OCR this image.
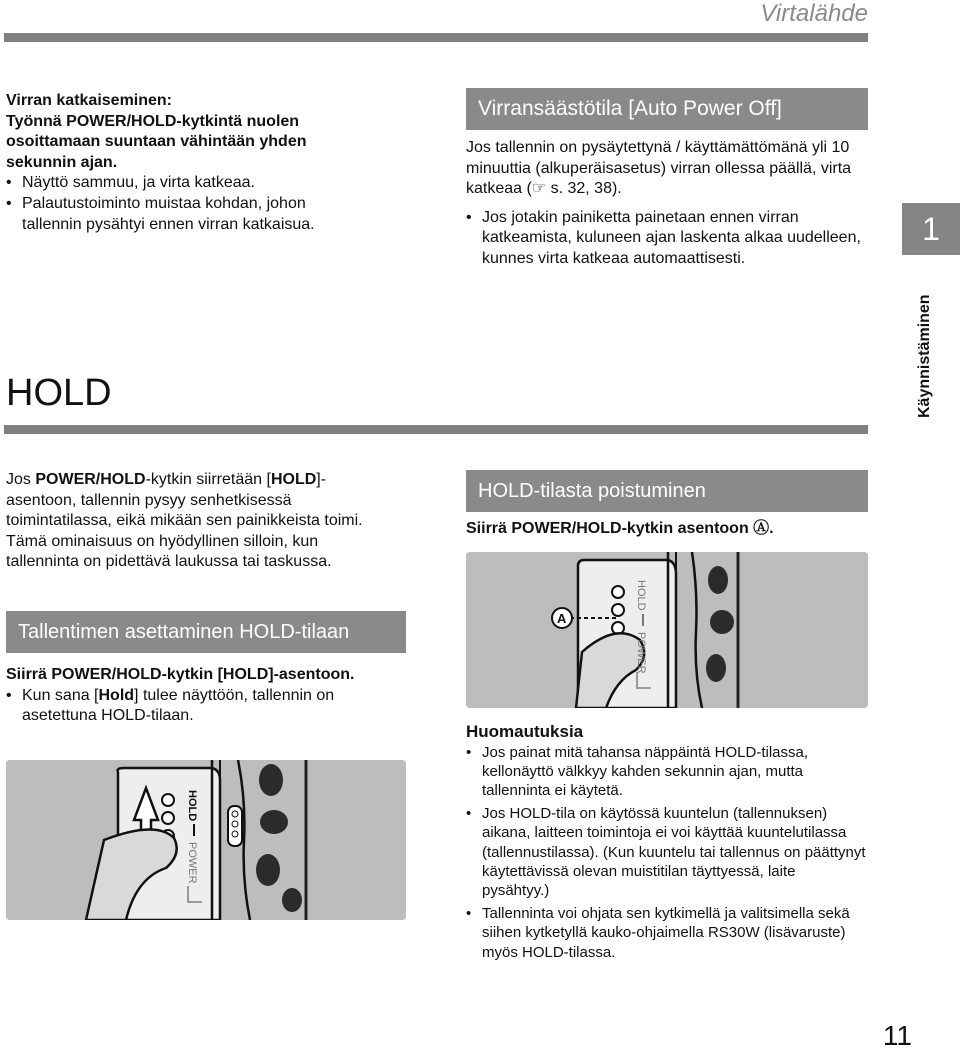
Virtalähde
1
Käynnistäminen

Virran katkaiseminen:

Työnnä POWER/HOLD-kytkintä nuolen osoittamaan suuntaan vähintään yhden sekunnin ajan.

• Näyttö sammuu, ja virta katkeaa.
• Palautustoiminto muistaa kohdan, johon tallennin pysähtyi ennen virran katkaisua.
Virransäästötila [Auto Power Off]

Jos tallennin on pysäytettynä / käyttämättömänä yli 10 minuuttia (alkuperäisasetus) virran ollessa päällä, virta katkeaa (☞ s. 32, 38).

• Jos jotakin painiketta painetaan ennen virran katkeamista, kuluneen ajan laskenta alkaa uudelleen, kunnes virta katkeaa automaattisesti.
HOLD
Jos POWER/HOLD-kytkin siirretään [HOLD]-asentoon, tallennin pysyy senhetkisessä toimintatilassa, eikä mikään sen painikkeista toimi. Tämä ominaisuus on hyödyllinen silloin, kun tallenninta on pidettävä laukussa tai taskussa.
Tallentimen asettaminen HOLD-tilaan

Siirrä POWER/HOLD-kytkin [HOLD]-asentoon.

• Kun sana [Hold] tulee näyttöön, tallennin on asetettuna HOLD-tilaan.
HOLD
POWER
HOLD-tilasta poistuminen
Siirrä POWER/HOLD-kytkin asentoon Ⓐ.
A
HOLD
POWER

Huomautuksia

• Jos painat mitä tahansa näppäintä HOLD-tilassa, kellonäyttö välkkyy kahden sekunnin ajan, mutta tallenninta ei käytetä.
• Jos HOLD-tila on käytössä kuuntelun (tallennuksen) aikana, laitteen toimintoja ei voi käyttää kuuntelutilassa (tallennustilassa). (Kun kuuntelu tai tallennus on päättynyt käytettävissä olevan muistitilan täyttyessä, laite pysähtyy.)
• Tallenninta voi ohjata sen kytkimellä ja valitsimella sekä siihen kytketyllä kauko-ohjaimella RS30W (lisävaruste) myös HOLD-tilassa.
11
